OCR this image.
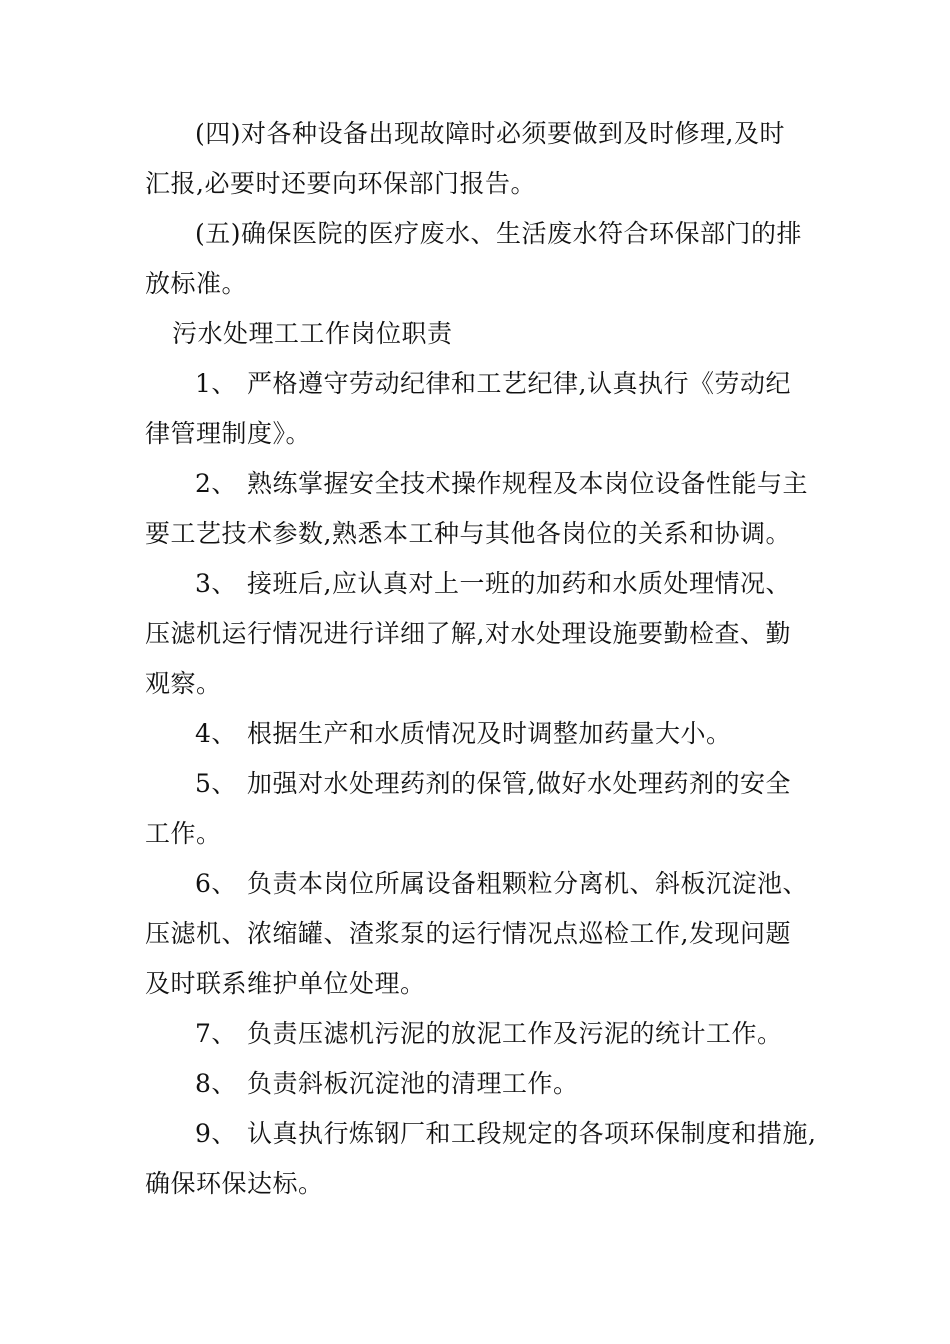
(四)对各种设备出现故障时必须要做到及时修理,及时
汇报,必要时还要向环保部门报告。
(五)确保医院的医疗废水、生活废水符合环保部门的排
放标准。
污水处理工工作岗位职责
1、 严格遵守劳动纪律和工艺纪律,认真执行《劳动纪
律管理制度》。
2、 熟练掌握安全技术操作规程及本岗位设备性能与主
要工艺技术参数,熟悉本工种与其他各岗位的关系和协调。
3、 接班后,应认真对上一班的加药和水质处理情况、
压滤机运行情况进行详细了解,对水处理设施要勤检查、勤
观察。
4、 根据生产和水质情况及时调整加药量大小。
5、 加强对水处理药剂的保管,做好水处理药剂的安全
工作。
6、 负责本岗位所属设备粗颗粒分离机、斜板沉淀池、
压滤机、浓缩罐、渣浆泵的运行情况点巡检工作,发现问题
及时联系维护单位处理。
7、 负责压滤机污泥的放泥工作及污泥的统计工作。
8、 负责斜板沉淀池的清理工作。
9、 认真执行炼钢厂和工段规定的各项环保制度和措施,
确保环保达标。
